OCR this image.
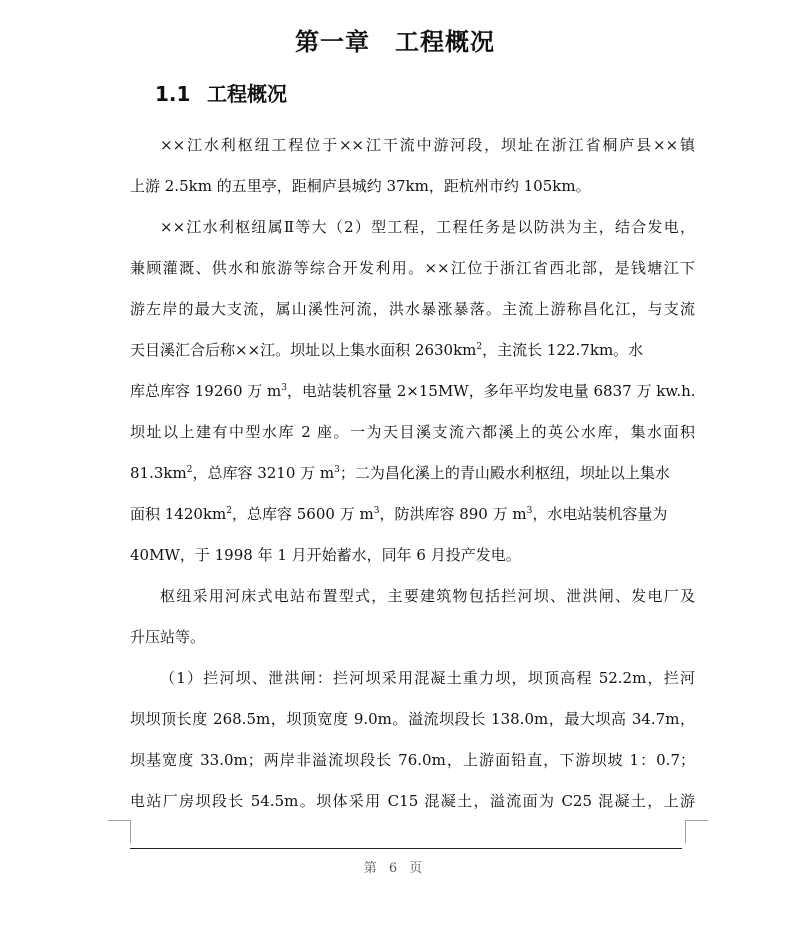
第一章　工程概况
1.1 工程概况
××江水利枢纽工程位于××江干流中游河段，坝址在浙江省桐庐县××镇
上游 2.5km 的五里亭，距桐庐县城约 37km，距杭州市约 105km。
××江水利枢纽属Ⅱ等大（2）型工程，工程任务是以防洪为主，结合发电，
兼顾灌溉、供水和旅游等综合开发利用。××江位于浙江省西北部，是钱塘江下
游左岸的最大支流，属山溪性河流，洪水暴涨暴落。主流上游称昌化江，与支流
天目溪汇合后称××江。坝址以上集水面积 $2630km^2$，主流长 122.7km。水
库总库容 19260 万 $m^3$，电站装机容量 2×15MW，多年平均发电量 6837 万 kw.h.
坝址以上建有中型水库 2 座。一为天目溪支流六都溪上的英公水库，集水面积
$81.3km^2$，总库容 3210 万 $m^3$；二为昌化溪上的青山殿水利枢纽，坝址以上集水
面积 $1420km^2$，总库容 5600 万 $m^3$，防洪库容 890 万 $m^3$，水电站装机容量为
40MW，于 1998 年 1 月开始蓄水，同年 6 月投产发电。
枢纽采用河床式电站布置型式，主要建筑物包括拦河坝、泄洪闸、发电厂及
升压站等。
（1）拦河坝、泄洪闸：拦河坝采用混凝土重力坝，坝顶高程 52.2m，拦河
坝坝顶长度 268.5m，坝顶宽度 9.0m。溢流坝段长 138.0m，最大坝高 34.7m，
坝基宽度 33.0m；两岸非溢流坝段长 76.0m，上游面铅直，下游坝坡 1：0.7；
电站厂房坝段长 54.5m。坝体采用 C15 混凝土，溢流面为 C25 混凝土，上游
第 6 页
